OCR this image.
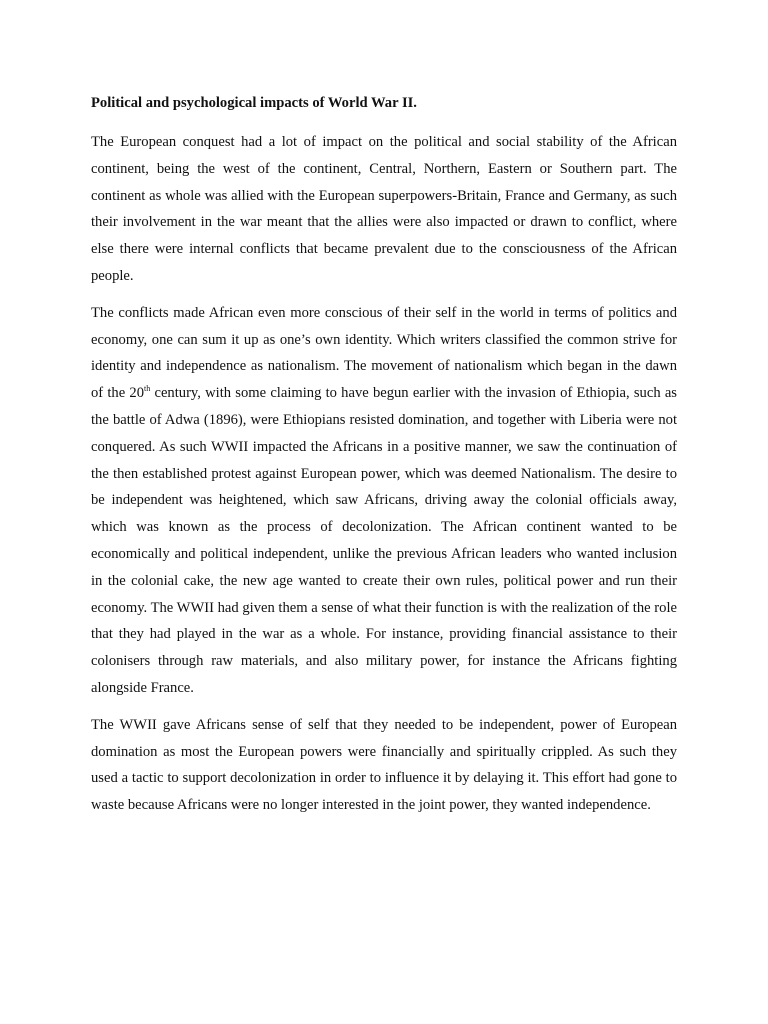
Political and psychological impacts of World War II.

The European conquest had a lot of impact on the political and social stability of the African continent, being the west of the continent, Central, Northern, Eastern or Southern part. The continent as whole was allied with the European superpowers-Britain, France and Germany, as such their involvement in the war meant that the allies were also impacted or drawn to conflict, where else there were internal conflicts that became prevalent due to the consciousness of the African people.

The conflicts made African even more conscious of their self in the world in terms of politics and economy, one can sum it up as one’s own identity. Which writers classified the common strive for identity and independence as nationalism. The movement of nationalism which began in the dawn of the 20th century, with some claiming to have begun earlier with the invasion of Ethiopia, such as the battle of Adwa (1896), were Ethiopians resisted domination, and together with Liberia were not conquered. As such WWII impacted the Africans in a positive manner, we saw the continuation of the then established protest against European power, which was deemed Nationalism. The desire to be independent was heightened, which saw Africans, driving away the colonial officials away, which was known as the process of decolonization. The African continent wanted to be economically and political independent, unlike the previous African leaders who wanted inclusion in the colonial cake, the new age wanted to create their own rules, political power and run their economy. The WWII had given them a sense of what their function is with the realization of the role that they had played in the war as a whole. For instance, providing financial assistance to their colonisers through raw materials, and also military power, for instance the Africans fighting alongside France.

The WWII gave Africans sense of self that they needed to be independent, power of European domination as most the European powers were financially and spiritually crippled. As such they used a tactic to support decolonization in order to influence it by delaying it. This effort had gone to waste because Africans were no longer interested in the joint power, they wanted independence.
